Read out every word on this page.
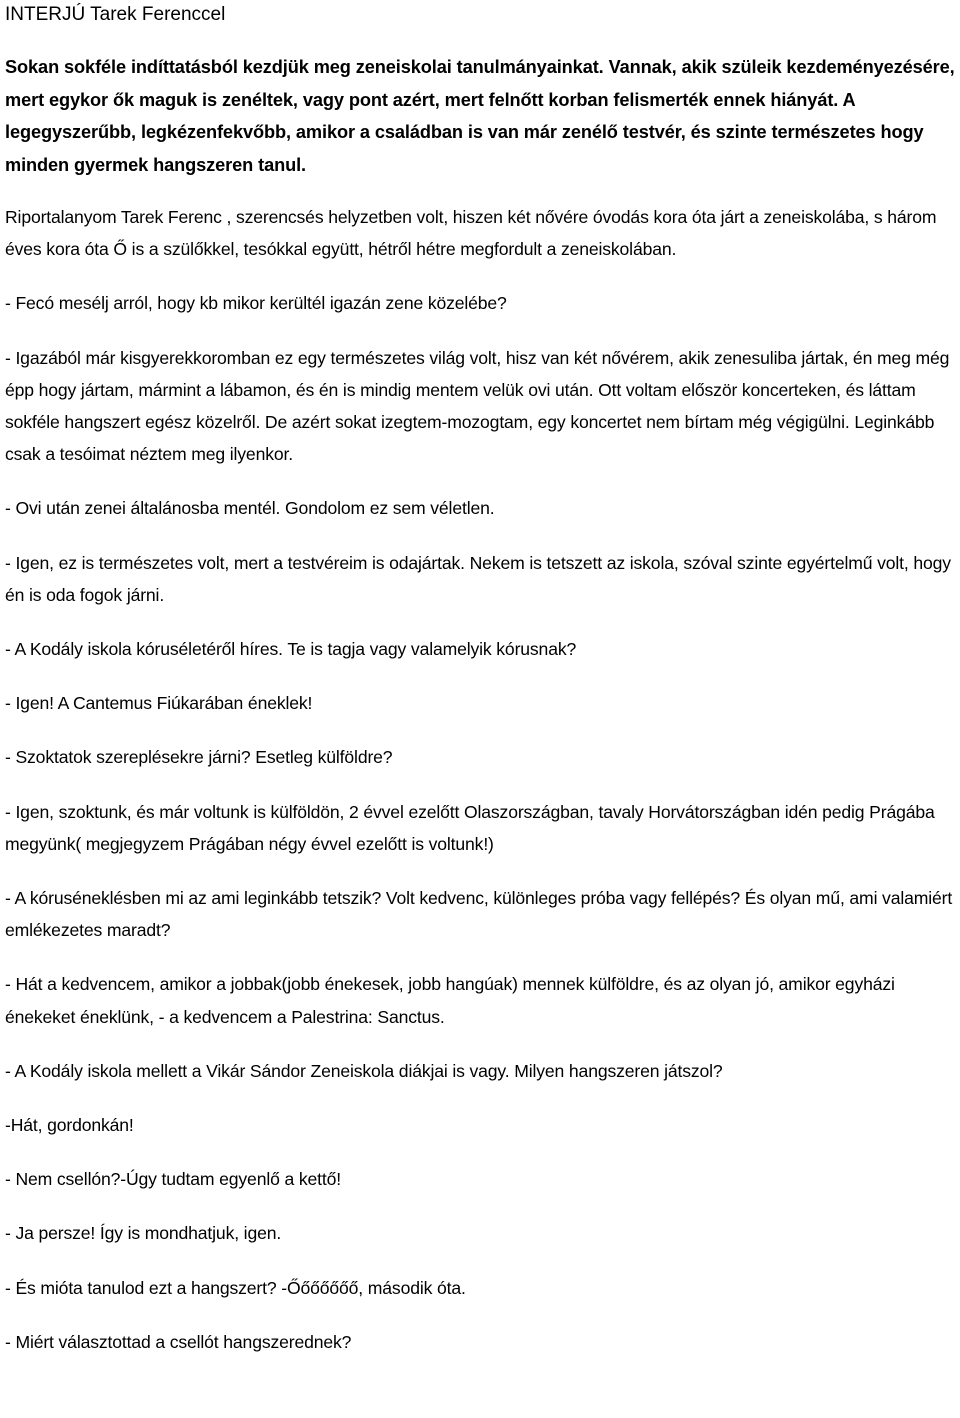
INTERJÚ Tarek Ferenccel

Sokan sokféle indíttatásból kezdjük meg zeneiskolai tanulmányainkat. Vannak, akik szüleik kezdeményezésére, mert egykor ők maguk is zenéltek, vagy pont azért, mert felnőtt korban felismerték ennek hiányát. A legegyszerűbb, legkézenfekvőbb, amikor a családban is van már zenélő testvér, és szinte természetes hogy minden gyermek hangszeren tanul.

Riportalanyom Tarek Ferenc , szerencsés helyzetben volt, hiszen két nővére óvodás kora óta járt a zeneiskolába, s három éves kora óta Ő is a szülőkkel, tesókkal együtt, hétről hétre megfordult a zeneiskolában.

- Fecó mesélj arról, hogy kb mikor kerültél igazán zene közelébe?

- Igazából már kisgyerekkoromban ez egy természetes világ volt, hisz van két nővérem, akik zenesuliba jártak, én meg még épp hogy jártam, mármint a lábamon, és én is mindig mentem velük ovi után. Ott voltam először koncerteken, és láttam sokféle hangszert egész közelről. De azért sokat izegtem-mozogtam, egy koncertet nem bírtam még végigülni. Leginkább csak a tesóimat néztem meg ilyenkor.

- Ovi után zenei általánosba mentél. Gondolom ez sem véletlen.

- Igen, ez is természetes volt, mert a testvéreim is odajártak. Nekem is tetszett az iskola, szóval szinte egyértelmű volt, hogy én is oda fogok járni.

- A Kodály iskola kóruséletéről híres. Te is tagja vagy valamelyik kórusnak?

- Igen! A Cantemus Fiúkarában éneklek!

- Szoktatok szereplésekre járni? Esetleg külföldre?

- Igen, szoktunk, és már voltunk is külföldön, 2 évvel ezelőtt Olaszországban, tavaly Horvátországban idén pedig Prágába megyünk( megjegyzem Prágában négy évvel ezelőtt is voltunk!)

- A kóruséneklésben mi az ami leginkább tetszik? Volt kedvenc, különleges próba vagy fellépés? És olyan mű, ami valamiért emlékezetes maradt?

- Hát a kedvencem, amikor a jobbak(jobb énekesek, jobb hangúak) mennek külföldre, és az olyan jó, amikor egyházi énekeket éneklünk, - a kedvencem a Palestrina: Sanctus.

- A Kodály iskola mellett a Vikár Sándor Zeneiskola diákjai is vagy. Milyen hangszeren játszol?

-Hát, gordonkán!

- Nem csellón?-Úgy tudtam egyenlő a kettő!

- Ja persze! Így is mondhatjuk, igen.

- És mióta tanulod ezt a hangszert? -Őőőőőőő, második óta.

- Miért választottad a csellót hangszerednek?
